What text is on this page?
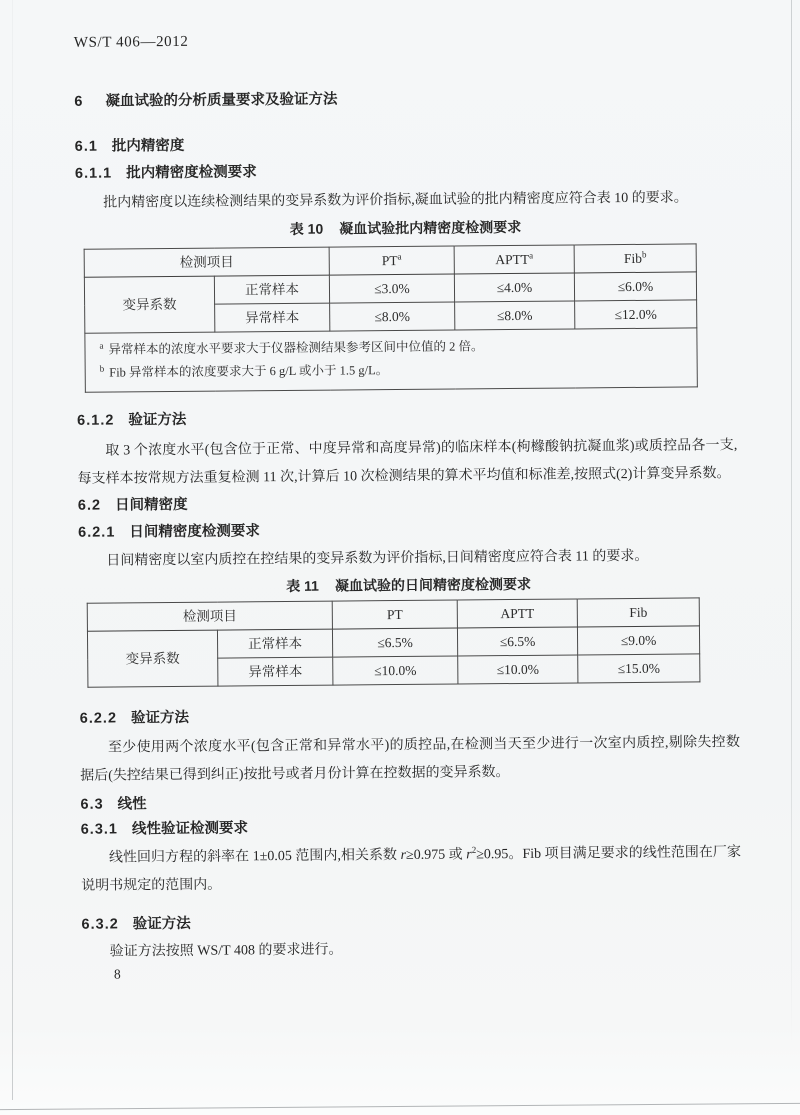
WS/T 406—2012
6 凝血试验的分析质量要求及验证方法
6.1 批内精密度
6.1.1 批内精密度检测要求

批内精密度以连续检测结果的变异系数为评价指标,凝血试验的批内精密度应符合表 10 的要求。

表 10 凝血试验批内精密度检测要求
检测项目		$PT^a$	APTT$^a$	Fib$^b$
变异系数	正常样本	≤3.0%	≤4.0%	≤6.0%
	异常样本	≤8.0%	≤8.0%	≤12.0%

$^a$ 异常样本的浓度水平要求大于仪器检测结果参考区间中位值的 2 倍。
$^b$ Fib 异常样本的浓度要求大于 6 g/L 或小于 1.5 g/L。				
6.1.2 验证方法

取 3 个浓度水平(包含位于正常、中度异常和高度异常)的临床样本(枸橼酸钠抗凝血浆)或质控品各一支,每支样本按常规方法重复检测 11 次,计算后 10 次检测结果的算术平均值和标准差,按照式(2)计算变异系数。

6.2 日间精密度
6.2.1 日间精密度检测要求

日间精密度以室内质控在控结果的变异系数为评价指标,日间精密度应符合表 11 的要求。

表 11 凝血试验的日间精密度检测要求
检测项目		PT	APTT	Fib
变异系数	正常样本	≤6.5%	≤6.5%	≤9.0%
	异常样本	≤10.0%	≤10.0%	≤15.0%
6.2.2 验证方法

至少使用两个浓度水平(包含正常和异常水平)的质控品,在检测当天至少进行一次室内质控,剔除失控数据后(失控结果已得到纠正)按批号或者月份计算在控数据的变异系数。

6.3 线性
6.3.1 线性验证检测要求

线性回归方程的斜率在 1±0.05 范围内,相关系数 r≥0.975 或 $r^2\ge 0.95$。Fib 项目满足要求的线性范围在厂家说明书规定的范围内。

6.3.2 验证方法

验证方法按照 WS/T 408 的要求进行。

8
